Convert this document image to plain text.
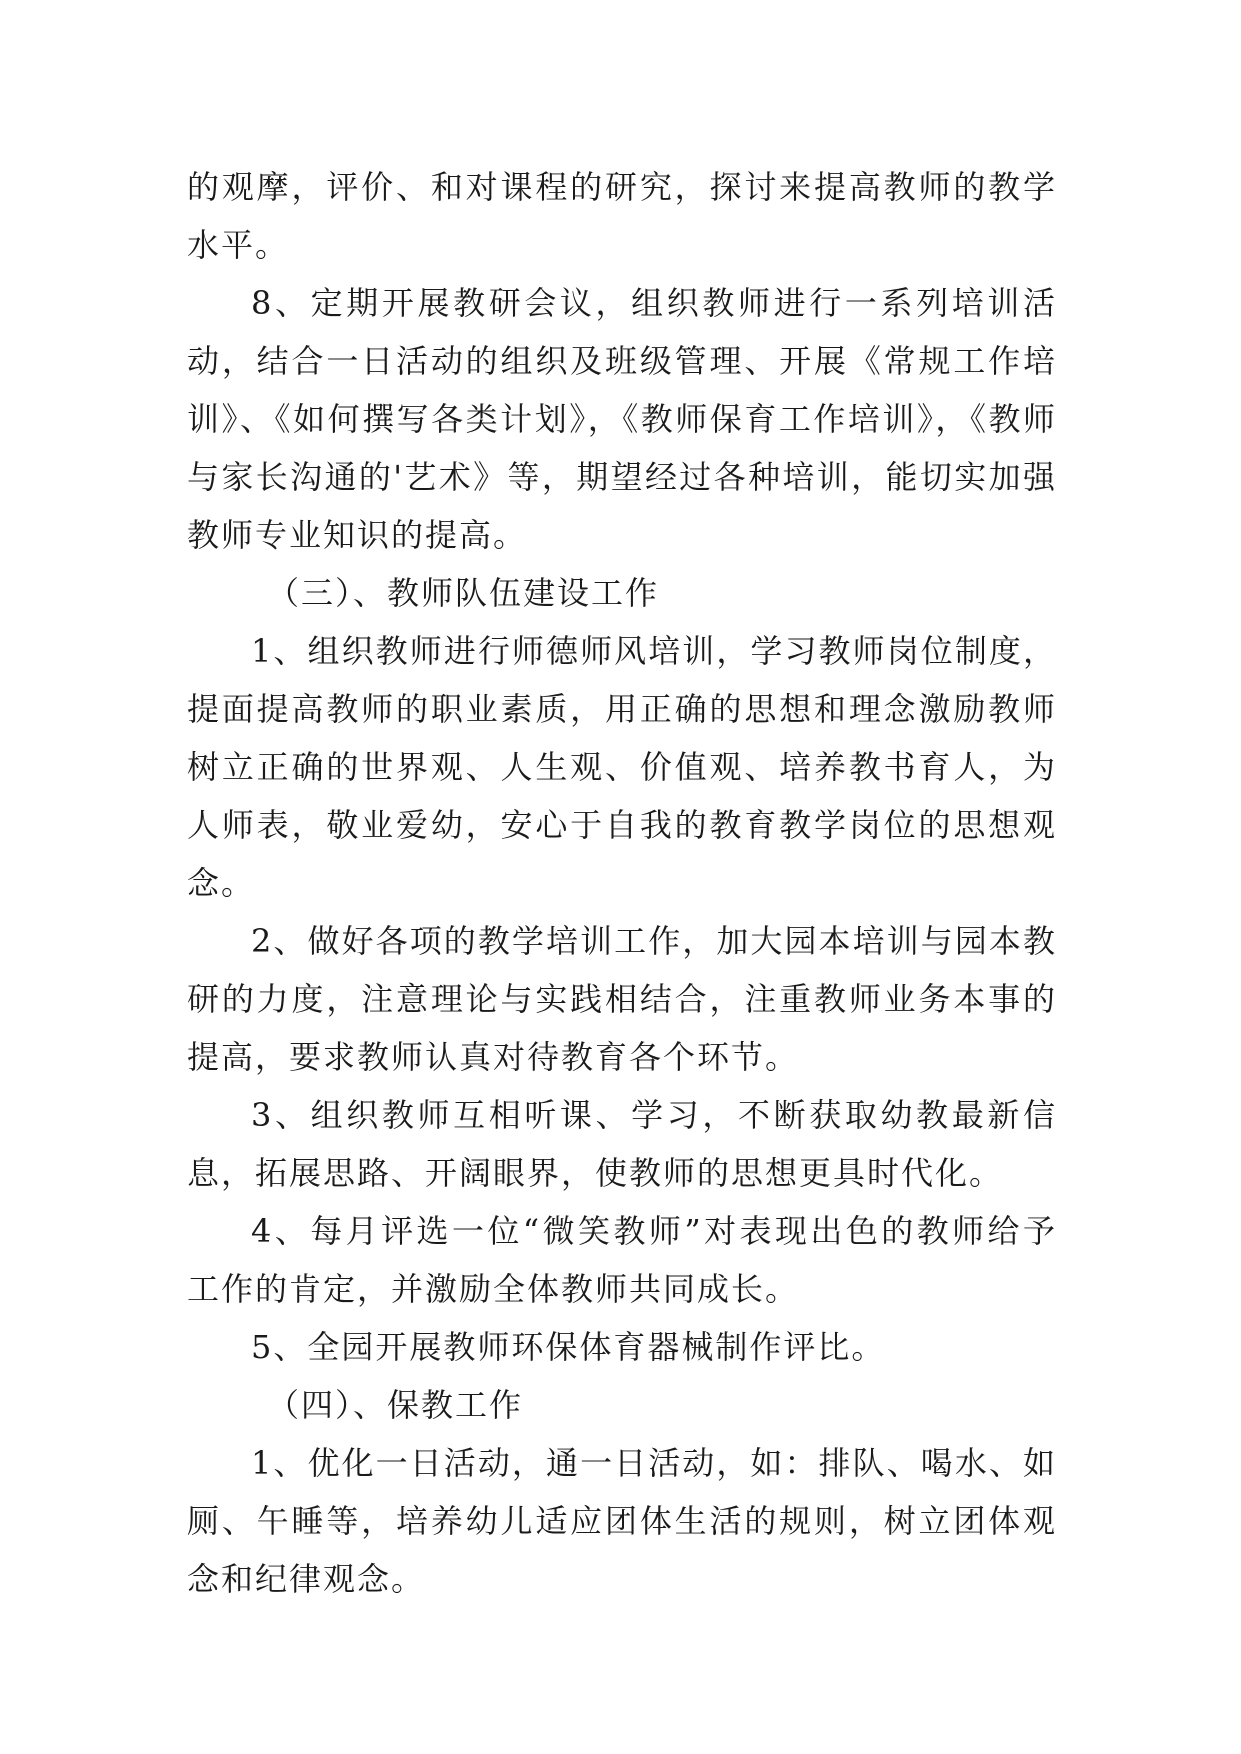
的观摩，评价、和对课程的研究，探讨来提高教师的教学水平。

8、定期开展教研会议，组织教师进行一系列培训活动，结合一日活动的组织及班级管理、开展《常规工作培训》、《如何撰写各类计划》，《教师保育工作培训》，《教师与家长沟通的'艺术》等，期望经过各种培训，能切实加强教师专业知识的提高。

（三）、教师队伍建设工作

1、组织教师进行师德师风培训，学习教师岗位制度，提面提高教师的职业素质，用正确的思想和理念激励教师树立正确的世界观、人生观、价值观、培养教书育人，为人师表，敬业爱幼，安心于自我的教育教学岗位的思想观念。

2、做好各项的教学培训工作，加大园本培训与园本教研的力度，注意理论与实践相结合，注重教师业务本事的提高，要求教师认真对待教育各个环节。

3、组织教师互相听课、学习，不断获取幼教最新信息，拓展思路、开阔眼界，使教师的思想更具时代化。

4、每月评选一位“微笑教师”对表现出色的教师给予工作的肯定，并激励全体教师共同成长。

5、全园开展教师环保体育器械制作评比。

（四）、保教工作

1、优化一日活动，通一日活动，如：排队、喝水、如厕、午睡等，培养幼儿适应团体生活的规则，树立团体观念和纪律观念。
